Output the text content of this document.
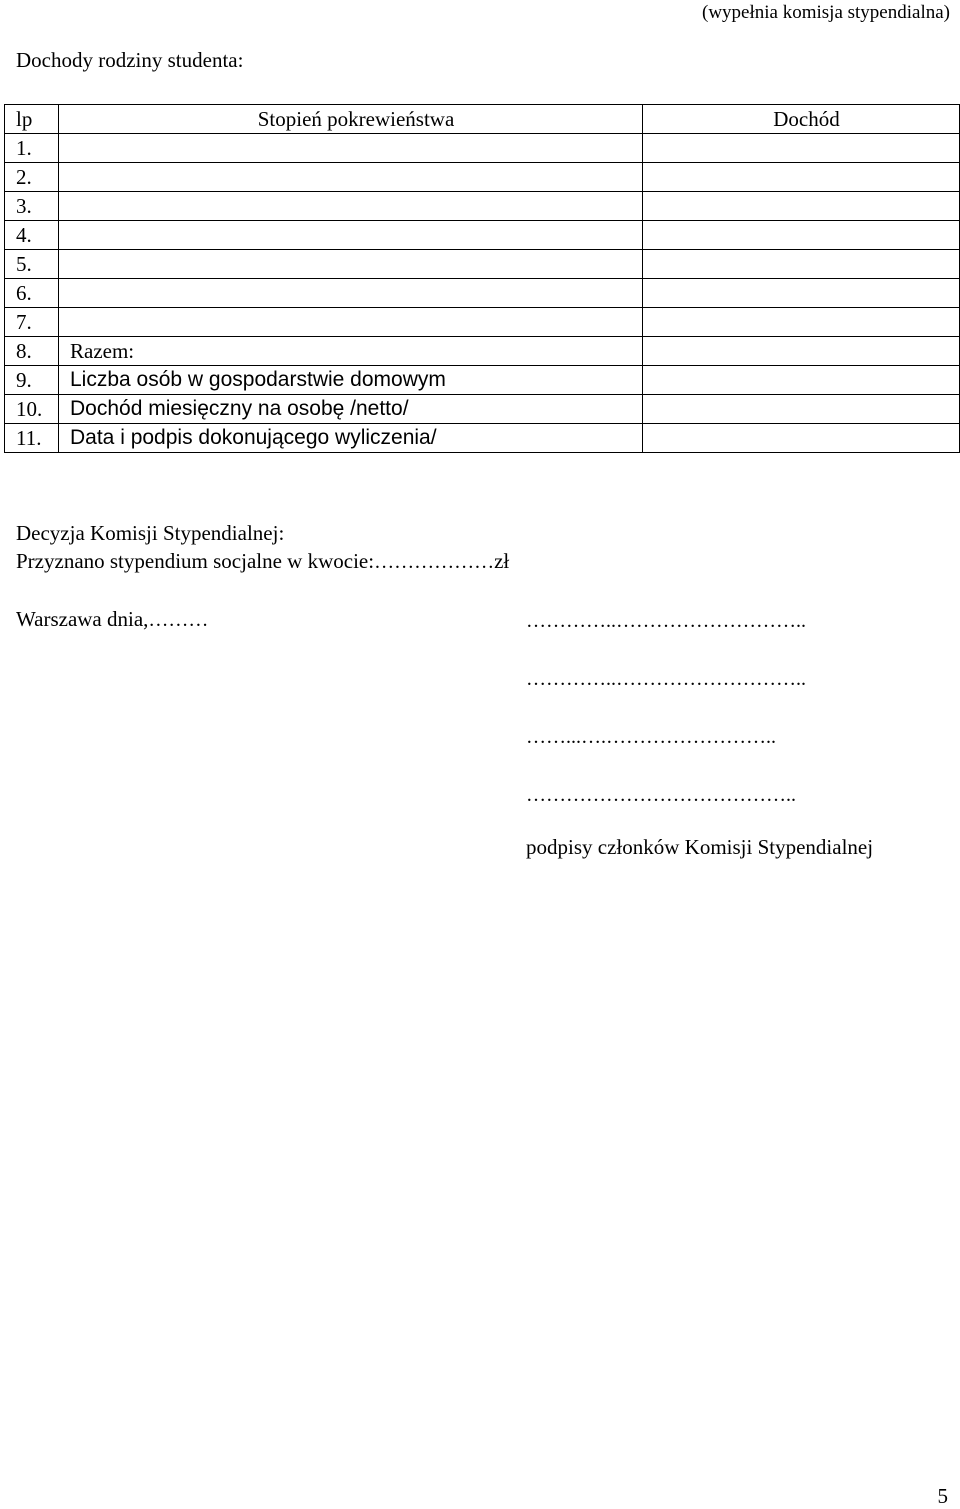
(wypełnia komisja stypendialna)
Dochody rodziny studenta:
lp	Stopień pokrewieństwa	Dochód
1.		
2.		
3.		
4.		
5.		
6.		
7.		
8.	Razem:	
9.	Liczba osób w gospodarstwie domowym	
10.	Dochód miesięczny na osobę /netto/	
11.	Data i podpis dokonującego wyliczenia/	
Decyzja Komisji Stypendialnej:
Przyznano stypendium socjalne w kwocie:………………zł
Warszawa dnia,………	…………..………………………..
…………..………………………..
……...….……………………..
…………………………………..
podpisy członków Komisji Stypendialnej
5
